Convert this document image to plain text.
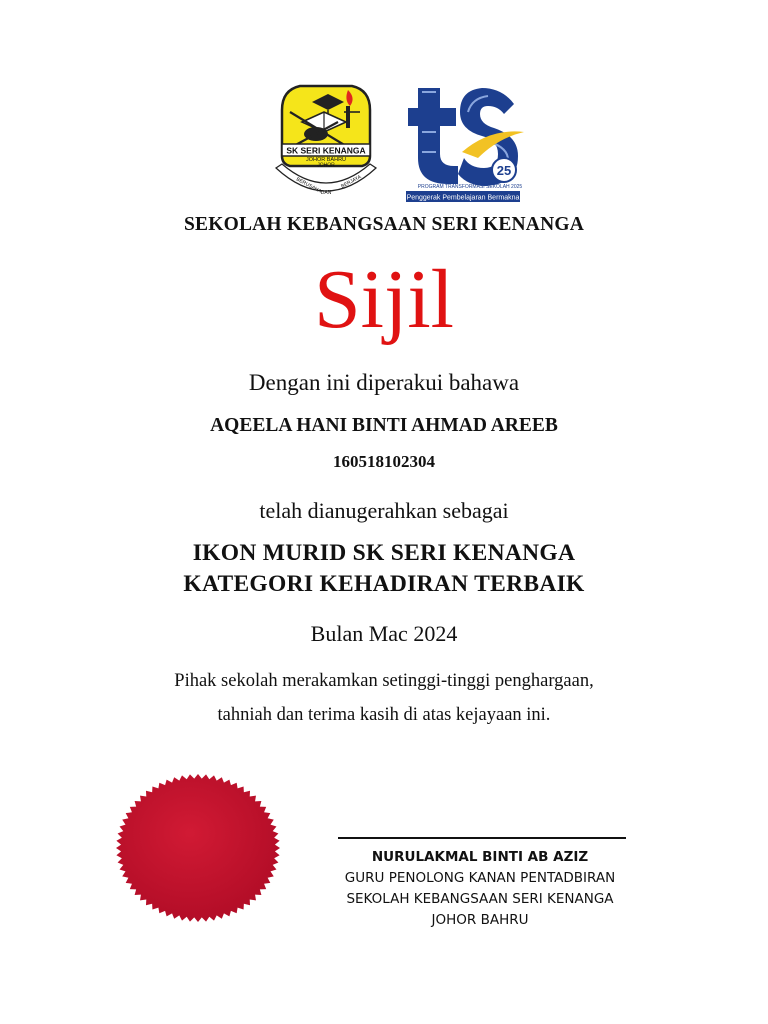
SK SERI KENANGA
JOHOR BAHRU
JOHOR
BERUSAHA
DAN
BERJAYA
25
PROGRAM TRANSFORMASI SEKOLAH 2025
Penggerak Pembelajaran Bermakna
SEKOLAH KEBANGSAAN SERI KENANGA
Sijil
Dengan ini diperakui bahawa
AQEELA HANI BINTI AHMAD AREEB
160518102304
telah dianugerahkan sebagai
IKON MURID SK SERI KENANGA
KATEGORI KEHADIRAN TERBAIK
Bulan Mac 2024
Pihak sekolah merakamkan setinggi-tinggi penghargaan,
tahniah dan terima kasih di atas kejayaan ini.
NURULAKMAL BINTI AB AZIZ
GURU PENOLONG KANAN PENTADBIRAN
SEKOLAH KEBANGSAAN SERI KENANGA
JOHOR BAHRU
